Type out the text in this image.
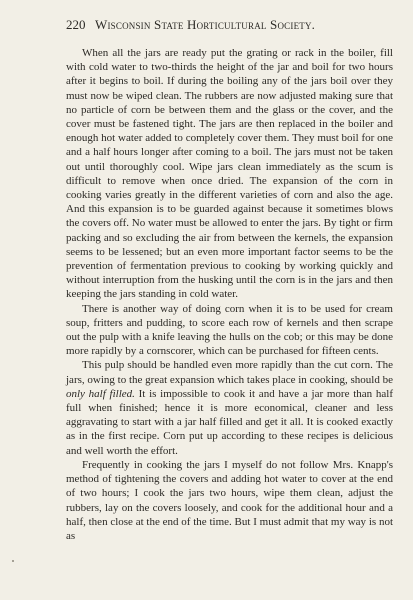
220 Wisconsin State Horticultural Society.

When all the jars are ready put the grating or rack in the boiler, fill with cold water to two-thirds the height of the jar and boil for two hours after it begins to boil. If during the boiling any of the jars boil over they must now be wiped clean. The rubbers are now adjusted making sure that no particle of corn be between them and the glass or the cover, and the cover must be fastened tight. The jars are then replaced in the boiler and enough hot water added to completely cover them. They must boil for one and a half hours longer after coming to a boil. The jars must not be taken out until thoroughly cool. Wipe jars clean immediately as the scum is difficult to remove when once dried. The expansion of the corn in cooking varies greatly in the different varieties of corn and also the age. And this expansion is to be guarded against because it sometimes blows the covers off. No water must be allowed to enter the jars. By tight or firm packing and so excluding the air from between the kernels, the expansion seems to be lessened; but an even more important factor seems to be the prevention of fermentation previous to cooking by working quickly and without interruption from the husking until the corn is in the jars and then keeping the jars standing in cold water.

There is another way of doing corn when it is to be used for cream soup, fritters and pudding, to score each row of kernels and then scrape out the pulp with a knife leaving the hulls on the cob; or this may be done more rapidly by a cornscorer, which can be purchased for fifteen cents.

This pulp should be handled even more rapidly than the cut corn. The jars, owing to the great expansion which takes place in cooking, should be only half filled. It is impossible to cook it and have a jar more than half full when finished; hence it is more economical, cleaner and less aggravating to start with a jar half filled and get it all. It is cooked exactly as in the first recipe. Corn put up according to these recipes is delicious and well worth the effort.

Frequently in cooking the jars I myself do not follow Mrs. Knapp's method of tightening the covers and adding hot water to cover at the end of two hours; I cook the jars two hours, wipe them clean, adjust the rubbers, lay on the covers loosely, and cook for the additional hour and a half, then close at the end of the time. But I must admit that my way is not as
